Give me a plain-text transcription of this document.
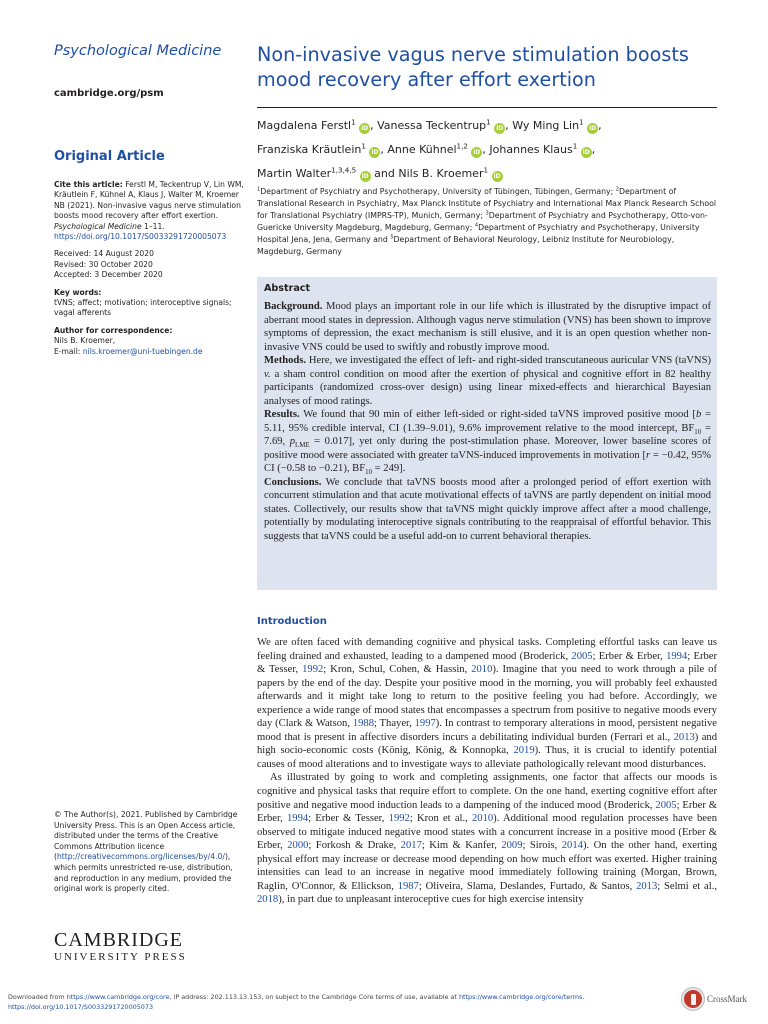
Psychological Medicine
cambridge.org/psm
Original Article
Cite this article: Ferstl M, Teckentrup V, Lin WM, Kräutlein F, Kühnel A, Klaus J, Walter M, Kroemer NB (2021). Non-invasive vagus nerve stimulation boosts mood recovery after effort exertion. Psychological Medicine 1–11. https://doi.org/10.1017/S0033291720005073
Received: 14 August 2020
Revised: 30 October 2020
Accepted: 3 December 2020
Key words:
tVNS; affect; motivation; interoceptive signals; vagal afferents
Author for correspondence:
Nils B. Kroemer,
E-mail: nils.kroemer@uni-tuebingen.de
© The Author(s), 2021. Published by Cambridge University Press. This is an Open Access article, distributed under the terms of the Creative Commons Attribution licence (http://creativecommons.org/licenses/by/4.0/), which permits unrestricted re-use, distribution, and reproduction in any medium, provided the original work is properly cited.
CAMBRIDGE
UNIVERSITY PRESS
Non-invasive vagus nerve stimulation boosts mood recovery after effort exertion
Magdalena Ferstl$^1$ iD , Vanessa Teckentrup$^1$ iD , Wy Ming Lin$^1$ iD ,
Franziska Kräutlein$^1$ iD , Anne Kühnel$^{1,2}$ iD , Johannes Klaus$^1$ iD ,
Martin Walter$^{1,3,4,5}$ iD and Nils B. Kroemer$^1$ iD
$^1$Department of Psychiatry and Psychotherapy, University of Tübingen, Tübingen, Germany; $^2$Department of Translational Research in Psychiatry, Max Planck Institute of Psychiatry and International Max Planck Research School for Translational Psychiatry (IMPRS-TP), Munich, Germany; $^3$Department of Psychiatry and Psychotherapy, Otto-von-Guericke University Magdeburg, Magdeburg, Germany; $^4$Department of Psychiatry and Psychotherapy, University Hospital Jena, Jena, Germany and $^5$Department of Behavioral Neurology, Leibniz Institute for Neurobiology, Magdeburg, Germany
Abstract

Background. Mood plays an important role in our life which is illustrated by the disruptive impact of aberrant mood states in depression. Although vagus nerve stimulation (VNS) has been shown to improve symptoms of depression, the exact mechanism is still elusive, and it is an open question whether non-invasive VNS could be used to swiftly and robustly improve mood.
Methods. Here, we investigated the effect of left- and right-sided transcutaneous auricular VNS (taVNS) v. a sham control condition on mood after the exertion of physical and cognitive effort in 82 healthy participants (randomized cross-over design) using linear mixed-effects and hierarchical Bayesian analyses of mood ratings.
Results. We found that 90 min of either left-sided or right-sided taVNS improved positive mood [b = 5.11, 95% credible interval, CI (1.39–9.01), 9.6% improvement relative to the mood intercept, $BF_{10} = 7.69$, $p_{LME} = 0.017$], yet only during the post-stimulation phase. Moreover, lower baseline scores of positive mood were associated with greater taVNS-induced improvements in motivation [r = −0.42, 95% CI (−0.58 to −0.21), $BF_{10} = 249$].
Conclusions. We conclude that taVNS boosts mood after a prolonged period of effort exertion with concurrent stimulation and that acute motivational effects of taVNS are partly dependent on initial mood states. Collectively, our results show that taVNS might quickly improve affect after a mood challenge, potentially by modulating interoceptive signals contributing to the reappraisal of effortful behavior. This suggests that taVNS could be a useful add-on to current behavioral therapies.

Introduction

We are often faced with demanding cognitive and physical tasks. Completing effortful tasks can leave us feeling drained and exhausted, leading to a dampened mood (Broderick, 2005; Erber & Erber, 1994; Erber & Tesser, 1992; Kron, Schul, Cohen, & Hassin, 2010). Imagine that you need to work through a pile of papers by the end of the day. Despite your positive mood in the morning, you will probably feel exhausted afterwards and it might take long to return to the positive feeling you had before. Accordingly, we experience a wide range of mood states that encompasses a spectrum from positive to negative moods every day (Clark & Watson, 1988; Thayer, 1997). In contrast to temporary alterations in mood, persistent negative mood that is present in affective disorders incurs a debilitating individual burden (Ferrari et al., 2013) and high socio-economic costs (König, König, & Konnopka, 2019). Thus, it is crucial to identify potential causes of mood alterations and to investigate ways to alleviate pathologically relevant mood disturbances.

As illustrated by going to work and completing assignments, one factor that affects our moods is cognitive and physical tasks that require effort to complete. On the one hand, exerting cognitive effort after positive and negative mood induction leads to a dampening of the induced mood (Broderick, 2005; Erber & Erber, 1994; Erber & Tesser, 1992; Kron et al., 2010). Additional mood regulation processes have been observed to mitigate induced negative mood states with a concurrent increase in a positive mood (Erber & Erber, 2000; Forkosh & Drake, 2017; Kim & Kanfer, 2009; Sirois, 2014). On the other hand, exerting physical effort may increase or decrease mood depending on how much effort was exerted. Higher training intensities can lead to an increase in negative mood immediately following training (Morgan, Brown, Raglin, O'Connor, & Ellickson, 1987; Oliveira, Slama, Deslandes, Furtado, & Santos, 2013; Selmi et al., 2018), in part due to unpleasant interoceptive cues for high exercise intensity

Downloaded from https://www.cambridge.org/core, IP address: 202.113.13.153, on subject to the Cambridge Core terms of use, available at https://www.cambridge.org/core/terms.
https://doi.org/10.1017/S0033291720005073
CrossMark
